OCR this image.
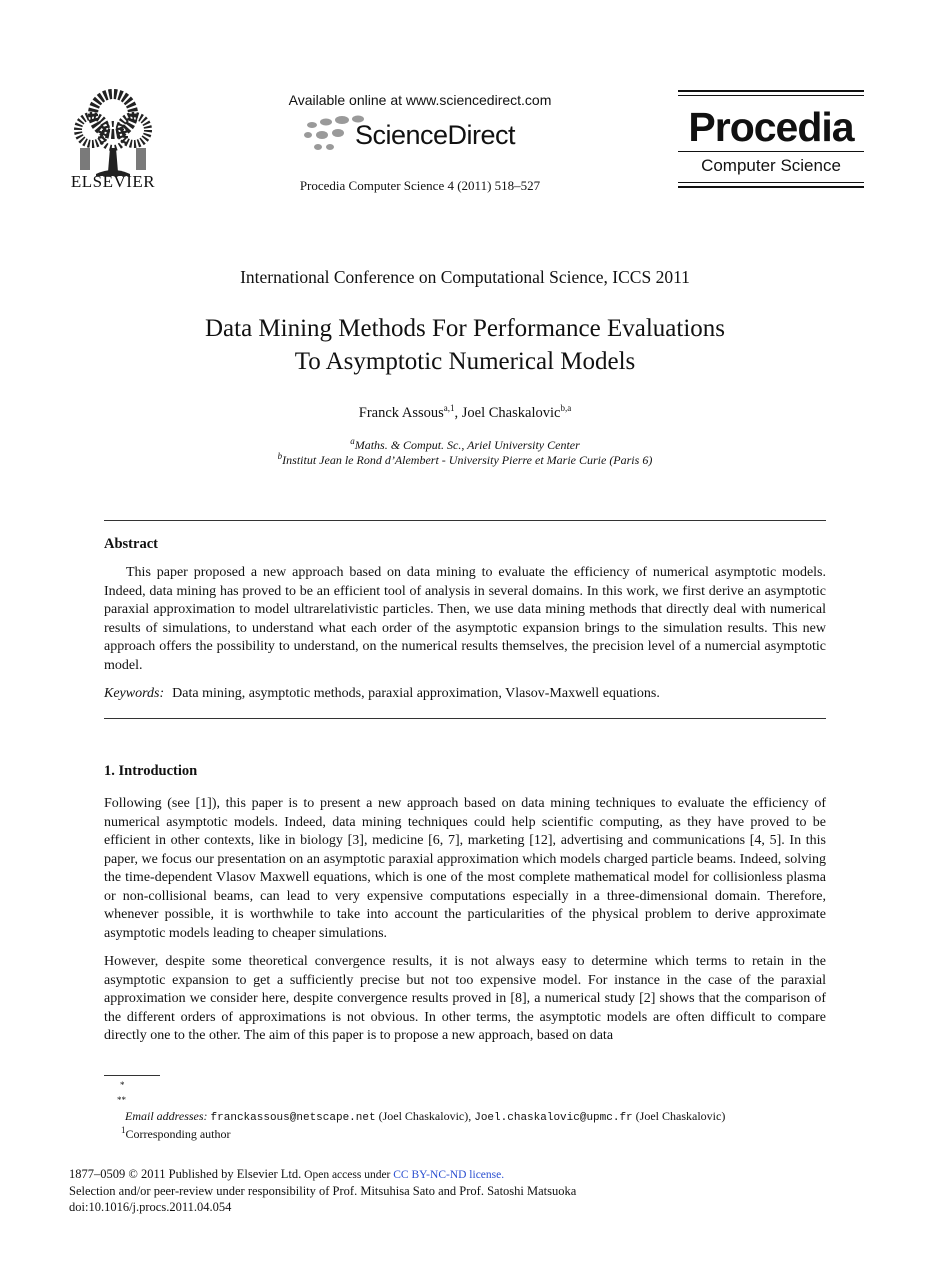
ELSEVIER
Available online at www.sciencedirect.com
ScienceDirect
Procedia Computer Science 4 (2011) 518–527
Procedia
Computer Science
International Conference on Computational Science, ICCS 2011
Data Mining Methods For Performance Evaluations
To Asymptotic Numerical Models
Franck Assous$^{a,1}$, Joel Chaskalovic$^{b,a}$
$^a$Maths. & Comput. Sc., Ariel University Center
$^b$Institut Jean le Rond d’Alembert - University Pierre et Marie Curie (Paris 6)
Abstract
This paper proposed a new approach based on data mining to evaluate the efficiency of numerical asymptotic models. Indeed, data mining has proved to be an efficient tool of analysis in several domains. In this work, we first derive an asymptotic paraxial approximation to model ultrarelativistic particles. Then, we use data mining methods that directly deal with numerical results of simulations, to understand what each order of the asymptotic expansion brings to the simulation results. This new approach offers the possibility to understand, on the numerical results themselves, the precision level of a numercial asymptotic model.
Keywords: Data mining, asymptotic methods, paraxial approximation, Vlasov-Maxwell equations.
1. Introduction
Following (see [1]), this paper is to present a new approach based on data mining techniques to evaluate the efficiency of numerical asymptotic models. Indeed, data mining techniques could help scientific computing, as they have proved to be efficient in other contexts, like in biology [3], medicine [6, 7], marketing [12], advertising and communications [4, 5]. In this paper, we focus our presentation on an asymptotic paraxial approximation which models charged particle beams. Indeed, solving the time-dependent Vlasov Maxwell equations, which is one of the most complete mathematical model for collisionless plasma or non-collisional beams, can lead to very expensive computations especially in a three-dimensional domain. Therefore, whenever possible, it is worthwhile to take into account the particularities of the physical problem to derive approximate asymptotic models leading to cheaper simulations.
However, despite some theoretical convergence results, it is not always easy to determine which terms to retain in the asymptotic expansion to get a sufficiently precise but not too expensive model. For instance in the case of the paraxial approximation we consider here, despite convergence results proved in [8], a numerical study [2] shows that the comparison of the different orders of approximations is not obvious. In other terms, the asymptotic models are often difficult to compare directly one to the other. The aim of this paper is to propose a new approach, based on data
*
**
Email addresses: franckassous@netscape.net (Joel Chaskalovic), Joel.chaskalovic@upmc.fr (Joel Chaskalovic)
$^1$Corresponding author
1877–0509 © 2011 Published by Elsevier Ltd. Open access under CC BY-NC-ND license.
Selection and/or peer-review under responsibility of Prof. Mitsuhisa Sato and Prof. Satoshi Matsuoka
doi:10.1016/j.procs.2011.04.054
